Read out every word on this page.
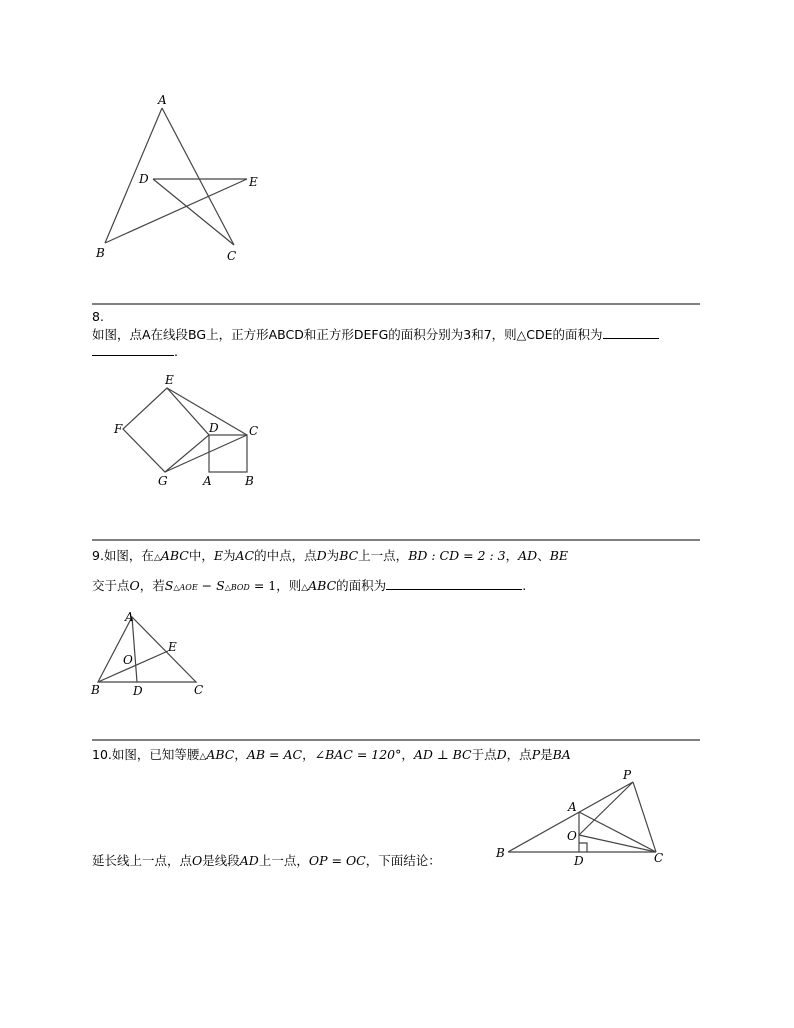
A
D	E
B	C
8.
如图，点A在线段BG上，正方形ABCD和正方形DEFG的面积分别为3和7，则△CDE的面积为
.
E
F	D	C
G	A	B
9.如图，在△ABC中，E为AC的中点，点D为BC上一点，BD : CD = 2 : 3，AD、BE
交于点O，若S△AOE − S△BOD = 1，则△ABC的面积为	.
A
E
O
B	D	C
10.如图，已知等腰△ABC，AB = AC，∠BAC = 120°，AD ⊥ BC于点D，点P是BA
延长线上一点，点O是线段AD上一点，OP = OC，下面结论：
P
A
O
B
D	C
